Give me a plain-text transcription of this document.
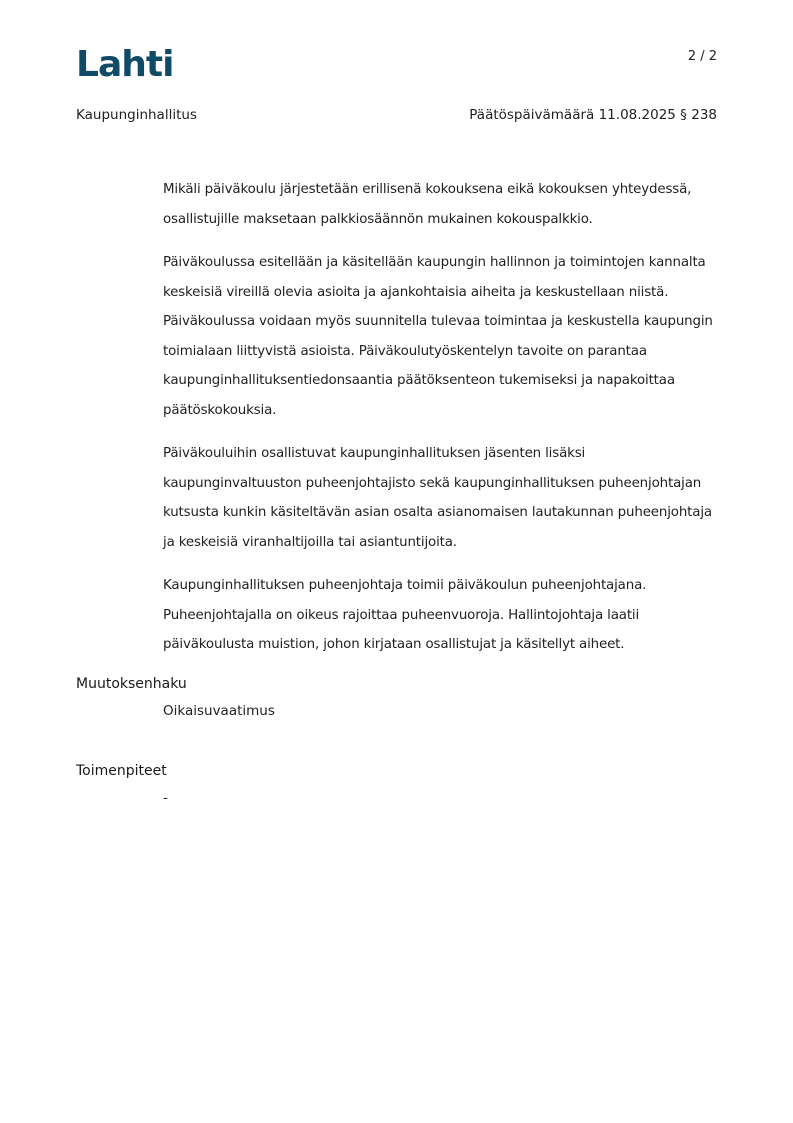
Lahti	2 / 2
Kaupunginhallitus	Päätöspäivämäärä 11.08.2025 § 238

Mikäli päiväkoulu järjestetään erillisenä kokouksena eikä kokouksen yhteydessä, osallistujille maksetaan palkkiosäännön mukainen kokouspalkkio.

Päiväkoulussa esitellään ja käsitellään kaupungin hallinnon ja toimintojen kannalta keskeisiä vireillä olevia asioita ja ajankohtaisia aiheita ja keskustellaan niistä. Päiväkoulussa voidaan myös suunnitella tulevaa toimintaa ja keskustella kaupungin toimialaan liittyvistä asioista. Päiväkoulutyöskentelyn tavoite on parantaa kaupunginhallituksentiedonsaantia päätöksenteon tukemiseksi ja napakoittaa päätöskokouksia.

Päiväkouluihin osallistuvat kaupunginhallituksen jäsenten lisäksi kaupunginvaltuuston puheenjohtajisto sekä kaupunginhallituksen puheenjohtajan kutsusta kunkin käsiteltävän asian osalta asianomaisen lautakunnan puheenjohtaja ja keskeisiä viranhaltijoilla tai asiantuntijoita.

Kaupunginhallituksen puheenjohtaja toimii päiväkoulun puheenjohtajana. Puheenjohtajalla on oikeus rajoittaa puheenvuoroja. Hallintojohtaja laatii päiväkoulusta muistion, johon kirjataan osallistujat ja käsitellyt aiheet.

Muutoksenhaku
Oikaisuvaatimus
Toimenpiteet
-
